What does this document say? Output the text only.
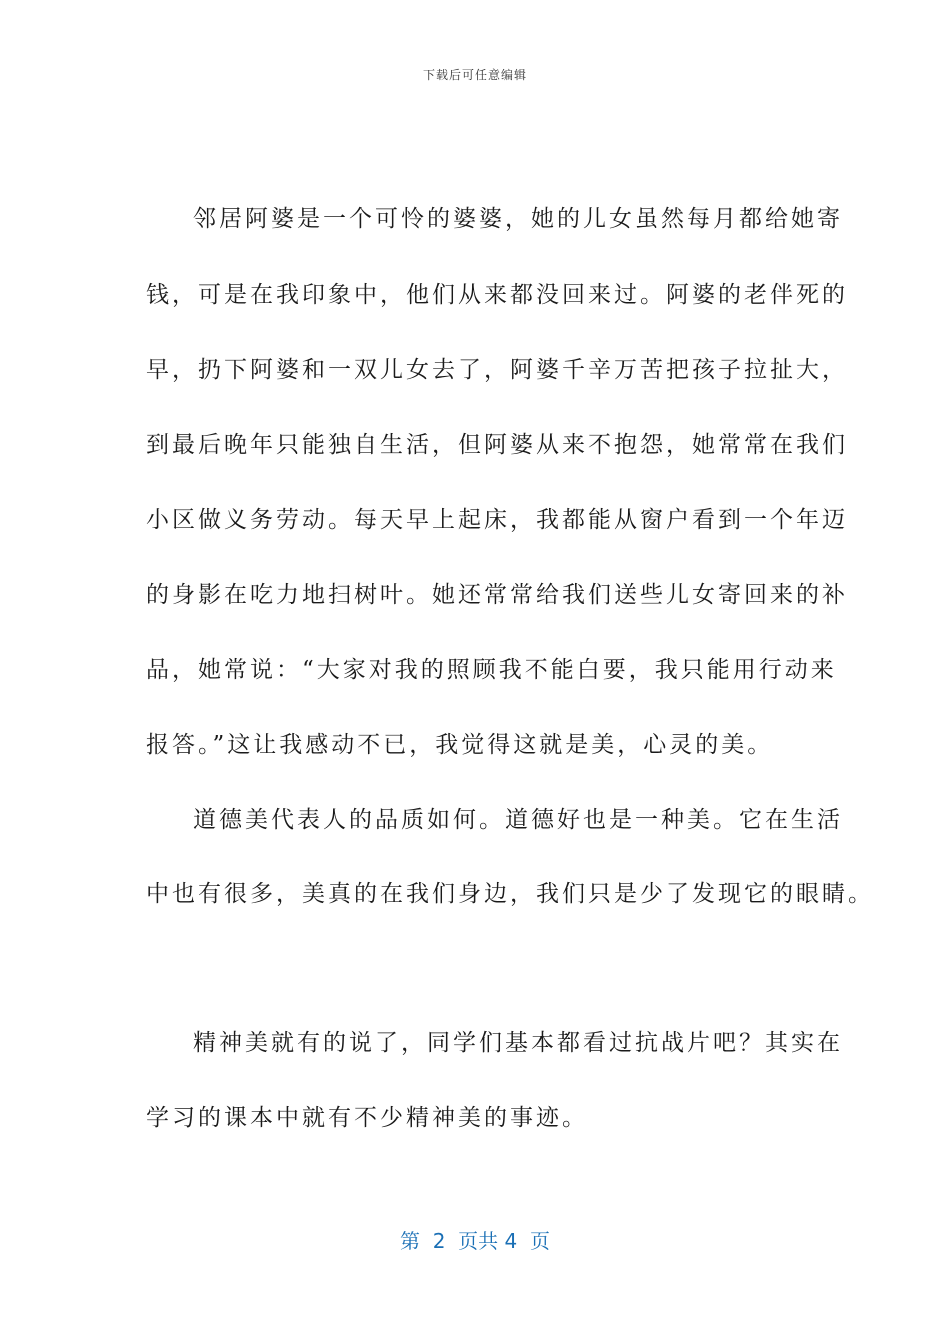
下载后可任意编辑
邻居阿婆是一个可怜的婆婆，她的儿女虽然每月都给她寄
钱，可是在我印象中，他们从来都没回来过。阿婆的老伴死的
早，扔下阿婆和一双儿女去了，阿婆千辛万苦把孩子拉扯大，
到最后晚年只能独自生活，但阿婆从来不抱怨，她常常在我们
小区做义务劳动。每天早上起床，我都能从窗户看到一个年迈
的身影在吃力地扫树叶。她还常常给我们送些儿女寄回来的补
品，她常说：“大家对我的照顾我不能白要，我只能用行动来
报答。”这让我感动不已，我觉得这就是美，心灵的美。
道德美代表人的品质如何。道德好也是一种美。它在生活
中也有很多，美真的在我们身边，我们只是少了发现它的眼睛。
精神美就有的说了，同学们基本都看过抗战片吧？其实在
学习的课本中就有不少精神美的事迹。
第  2  页共 4  页
